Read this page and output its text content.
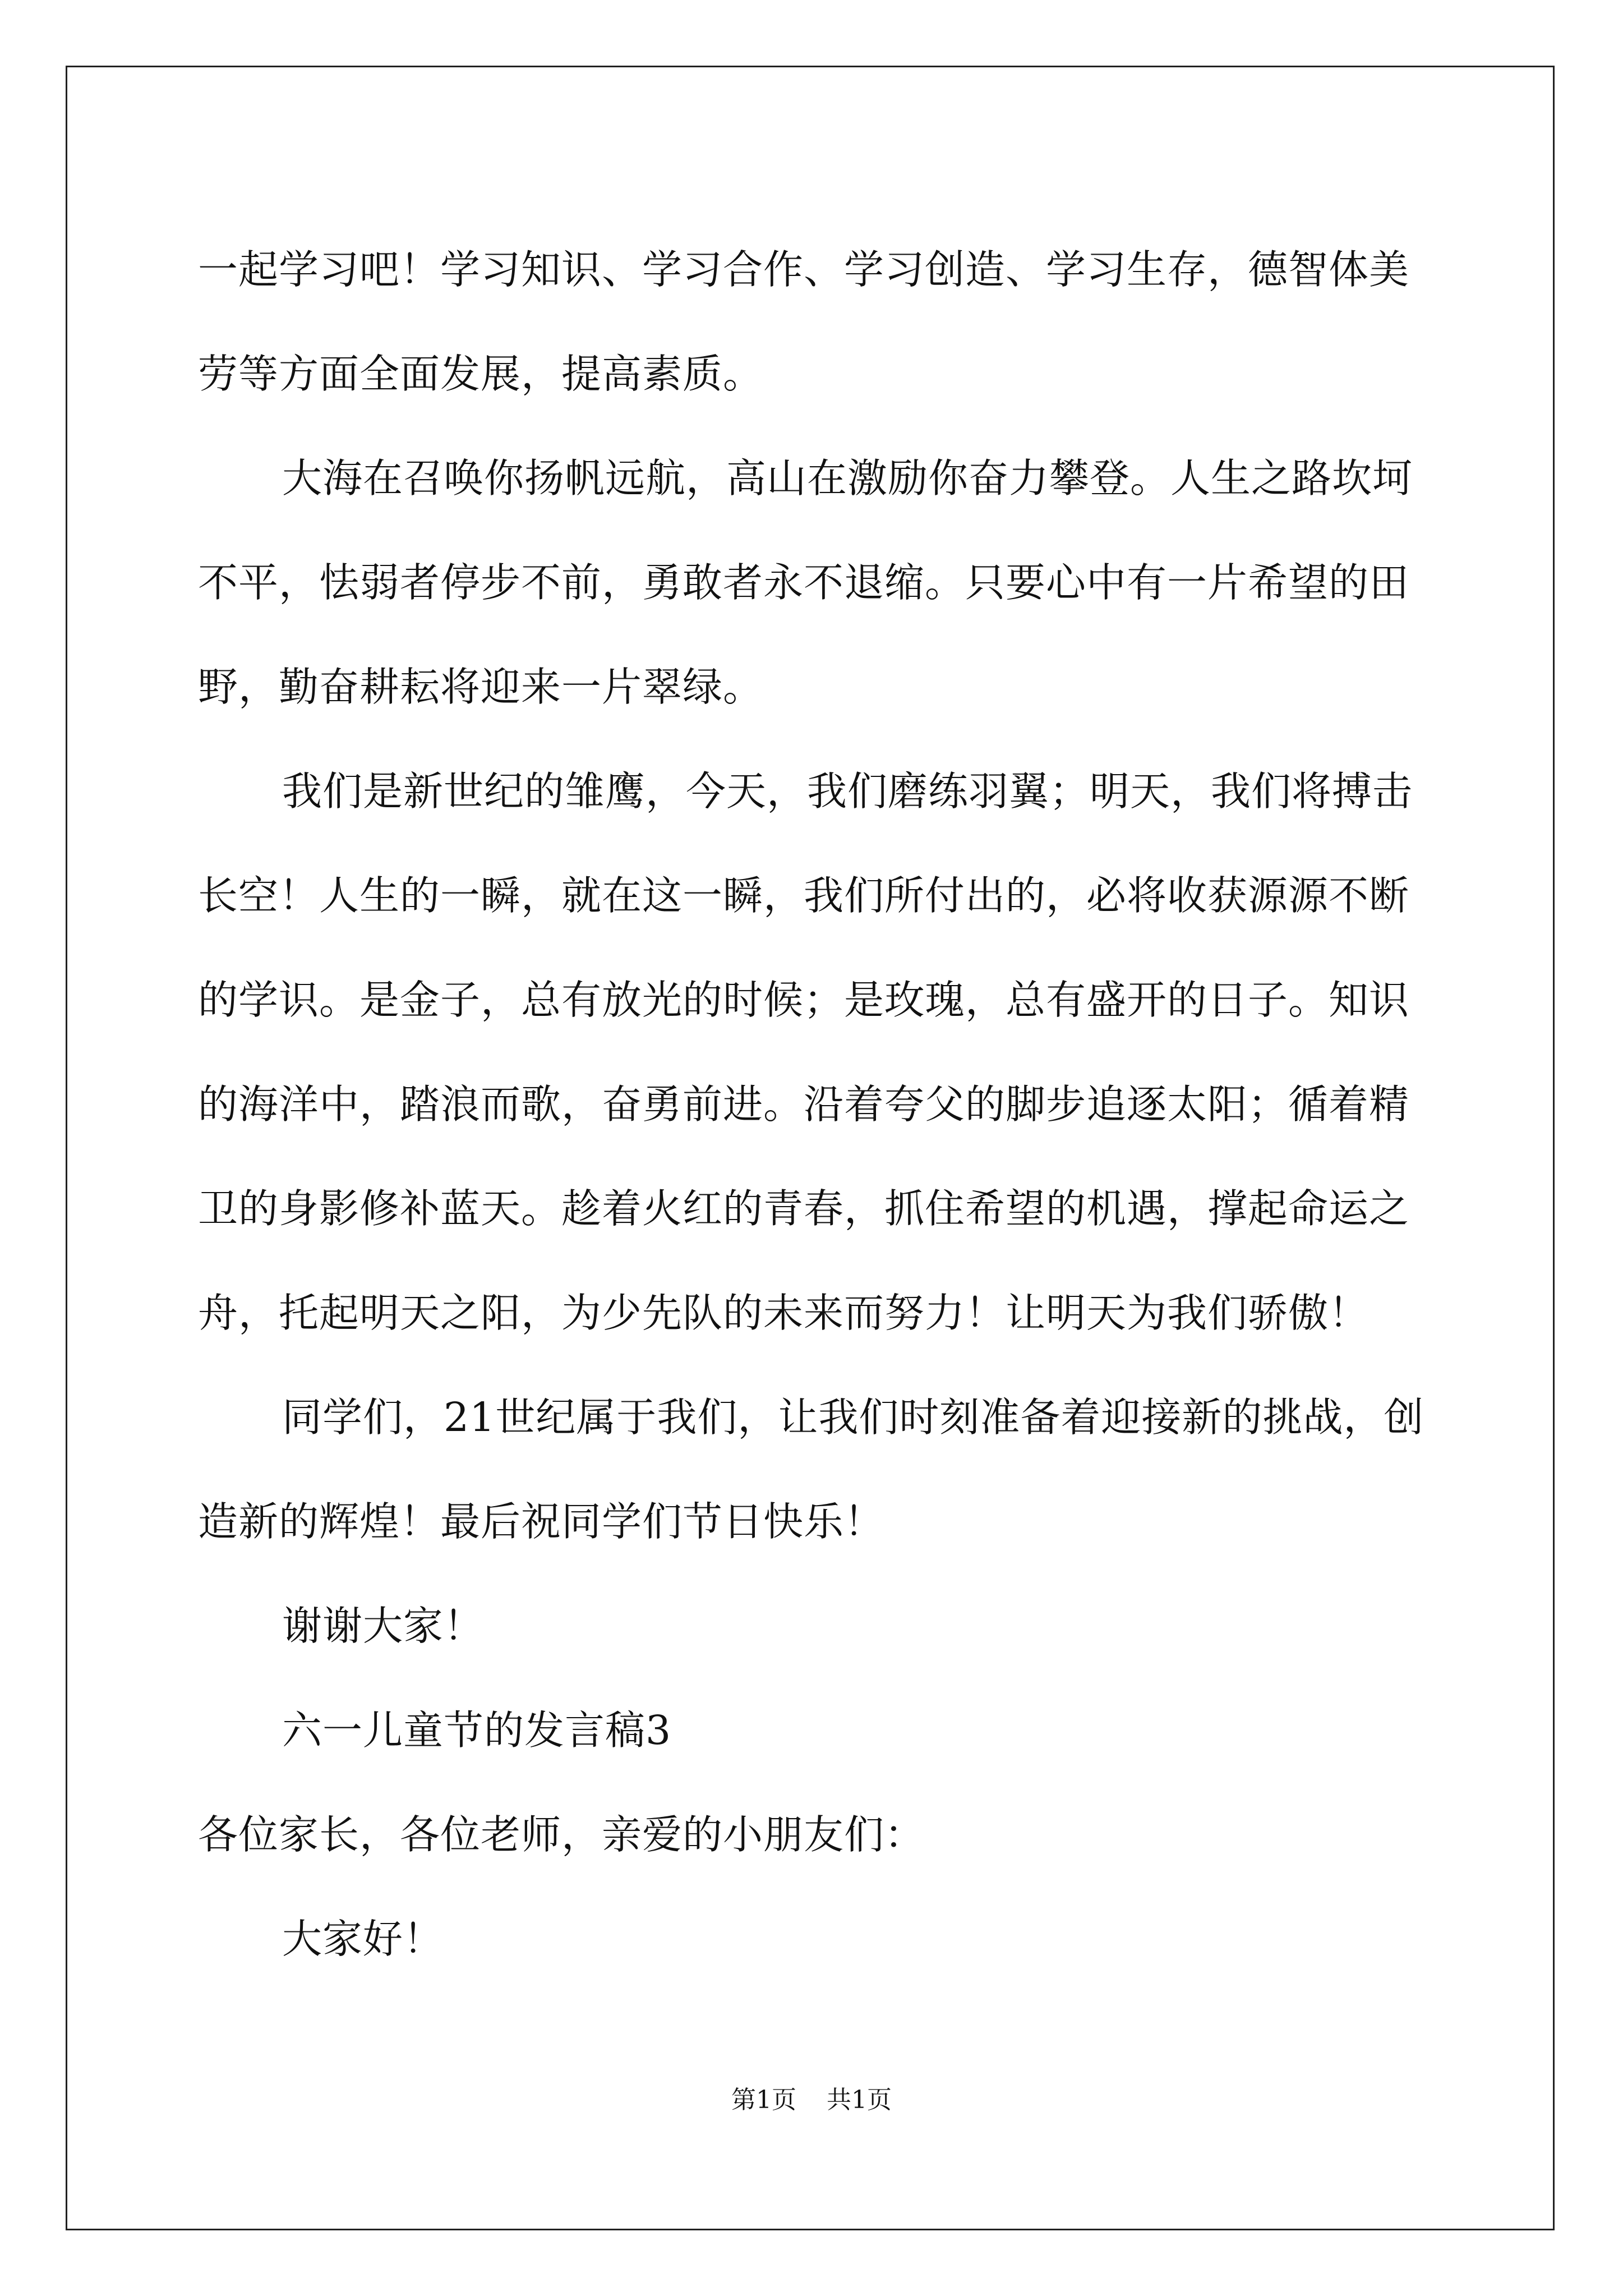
一起学习吧！学习知识、学习合作、学习创造、学习生存，德智体美劳等方面全面发展，提高素质。

大海在召唤你扬帆远航，高山在激励你奋力攀登。人生之路坎坷不平，怯弱者停步不前，勇敢者永不退缩。只要心中有一片希望的田野，勤奋耕耘将迎来一片翠绿。

我们是新世纪的雏鹰，今天，我们磨练羽翼；明天，我们将搏击长空！人生的一瞬，就在这一瞬，我们所付出的，必将收获源源不断的学识。是金子，总有放光的时候；是玫瑰，总有盛开的日子。知识的海洋中，踏浪而歌，奋勇前进。沿着夸父的脚步追逐太阳；循着精卫的身影修补蓝天。趁着火红的青春，抓住希望的机遇，撑起命运之舟，托起明天之阳，为少先队的未来而努力！让明天为我们骄傲！

同学们，21世纪属于我们，让我们时刻准备着迎接新的挑战，创造新的辉煌！最后祝同学们节日快乐！

谢谢大家！

六一儿童节的发言稿3

各位家长，各位老师，亲爱的小朋友们：

大家好！

第1页 共1页
